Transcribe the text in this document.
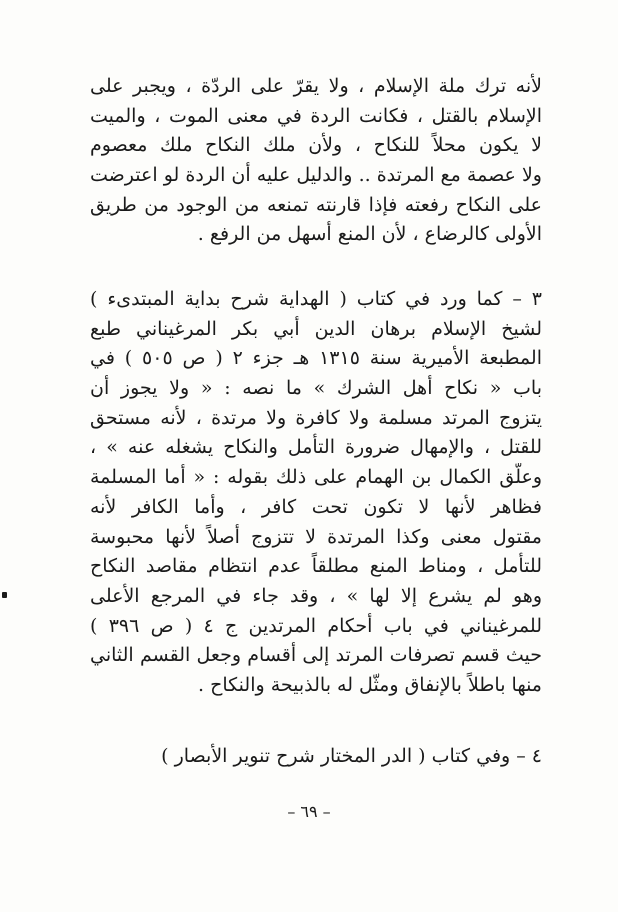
لأنه ترك ملة الإسلام ، ولا يقرّ على الردّة ، ويجبر على
الإسلام بالقتل ، فكانت الردة في معنى الموت ، والميت
لا يكون محلاً للنكاح ، ولأن ملك النكاح ملك معصوم
ولا عصمة مع المرتدة .. والدليل عليه أن الردة لو اعترضت
على النكاح رفعته فإذا قارنته تمنعه من الوجود من طريق
الأولى كالرضاع ، لأن المنع أسهل من الرفع .
٣ – كما ورد في كتاب ( الهداية شرح بداية المبتدىء )
لشيخ الإسلام برهان الدين أبي بكر المرغيناني طبع
المطبعة الأميرية سنة ١٣١٥ هـ جزء ٢ ( ص ٥٠٥ ) في
باب « نكاح أهل الشرك » ما نصه : « ولا يجوز أن
يتزوج المرتد مسلمة ولا كافرة ولا مرتدة ، لأنه مستحق
للقتل ، والإمهال ضرورة التأمل والنكاح يشغله عنه » ،
وعلّق الكمال بن الهمام على ذلك بقوله : « أما المسلمة
فظاهر لأنها لا تكون تحت كافر ، وأما الكافر لأنه
مقتول معنى وكذا المرتدة لا تتزوج أصلاً لأنها محبوسة
للتأمل ، ومناط المنع مطلقاً عدم انتظام مقاصد النكاح
وهو لم يشرع إلا لها » ، وقد جاء في المرجع الأعلى
للمرغيناني في باب أحكام المرتدين ج ٤ ( ص ٣٩٦ )
حيث قسم تصرفات المرتد إلى أقسام وجعل القسم الثاني
منها باطلاً بالإنفاق ومثّل له بالذبيحة والنكاح .
٤ – وفي كتاب ( الدر المختار شرح تنوير الأبصار )
– ٦٩ –
